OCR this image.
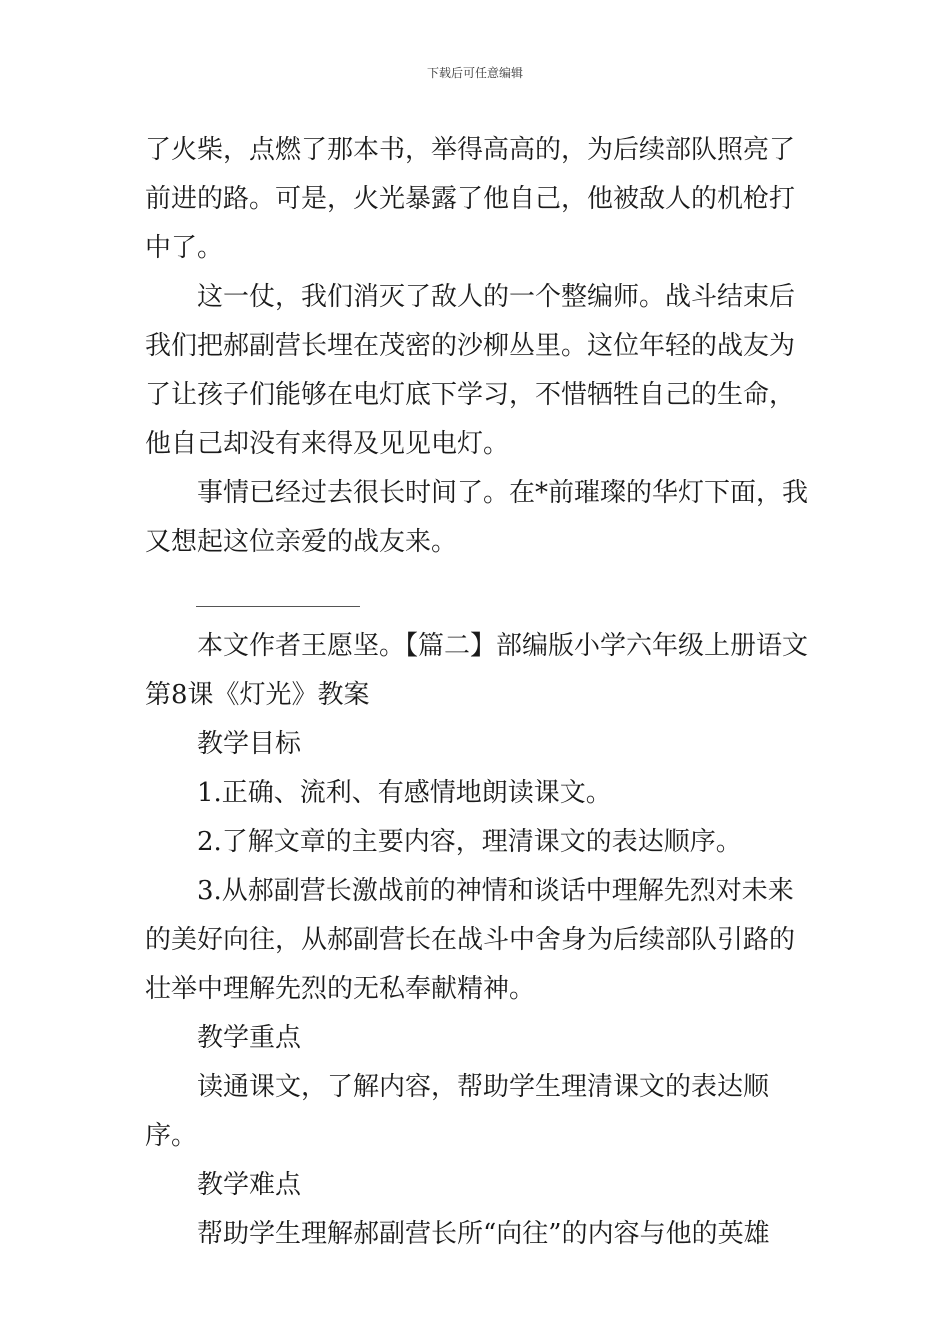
下载后可任意编辑

了火柴，点燃了那本书，举得高高的，为后续部队照亮了前进的路。可是，火光暴露了他自己，他被敌人的机枪打中了。

这一仗，我们消灭了敌人的一个整编师。战斗结束后我们把郝副营长埋在茂密的沙柳丛里。这位年轻的战友为了让孩子们能够在电灯底下学习，不惜牺牲自己的生命，他自己却没有来得及见见电灯。

事情已经过去很长时间了。在*前璀璨的华灯下面，我又想起这位亲爱的战友来。

本文作者王愿坚。【篇二】部编版小学六年级上册语文第8课《灯光》教案

教学目标

1.正确、流利、有感情地朗读课文。

2.了解文章的主要内容，理清课文的表达顺序。

3.从郝副营长激战前的神情和谈话中理解先烈对未来的美好向往，从郝副营长在战斗中舍身为后续部队引路的壮举中理解先烈的无私奉献精神。

教学重点

读通课文，了解内容，帮助学生理清课文的表达顺序。

教学难点

帮助学生理解郝副营长所“向往”的内容与他的英雄
